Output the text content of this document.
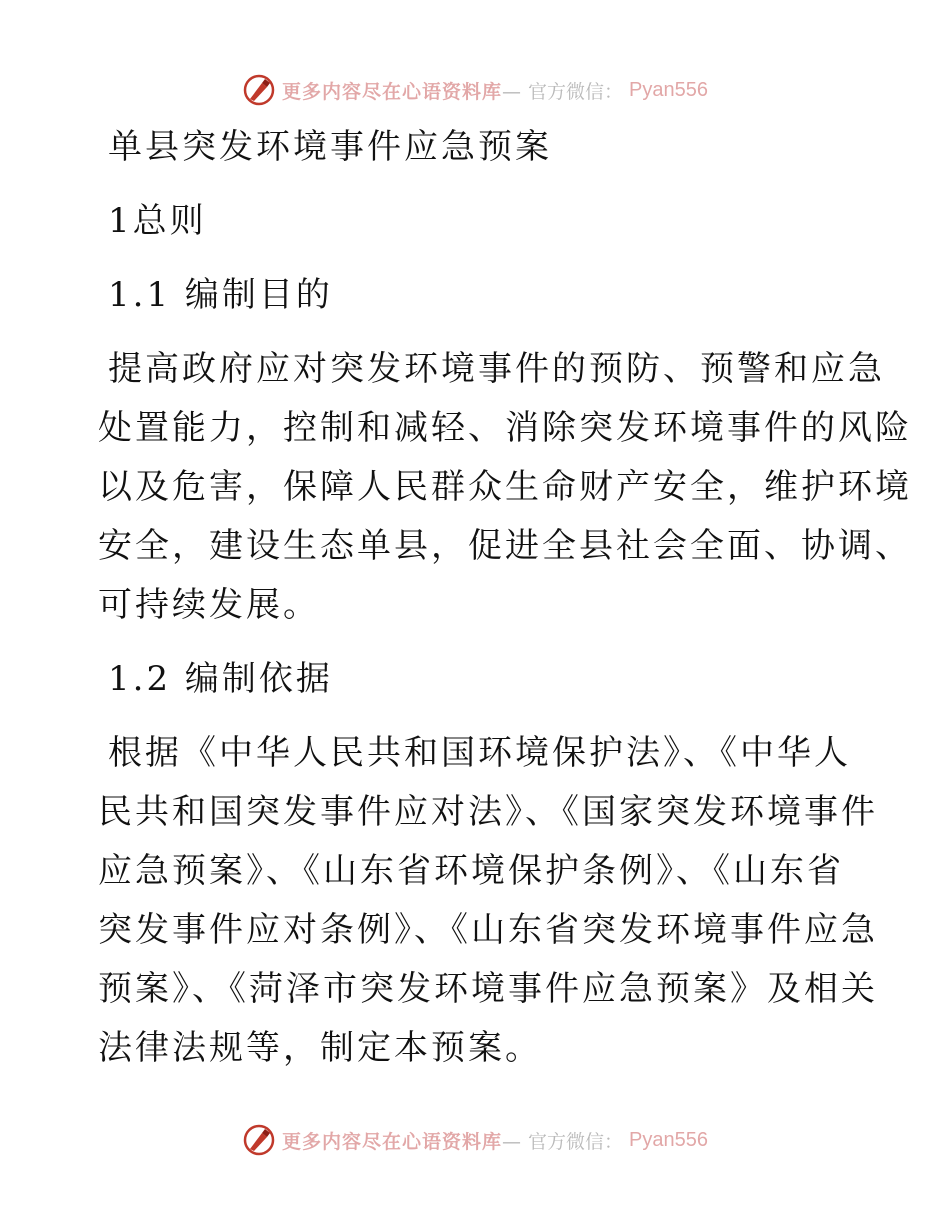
更多内容尽在心语资料库— 官方微信： Pyan556

单县突发环境事件应急预案

1总则

1.1 编制目的

提高政府应对突发环境事件的预防、预警和应急

处置能力，控制和减轻、消除突发环境事件的风险

以及危害，保障人民群众生命财产安全，维护环境

安全，建设生态单县，促进全县社会全面、协调、

可持续发展。

1.2 编制依据

根据《中华人民共和国环境保护法》、《中华人

民共和国突发事件应对法》、《国家突发环境事件

应急预案》、《山东省环境保护条例》、《山东省

突发事件应对条例》、《山东省突发环境事件应急

预案》、《菏泽市突发环境事件应急预案》及相关

法律法规等，制定本预案。

更多内容尽在心语资料库— 官方微信： Pyan556
